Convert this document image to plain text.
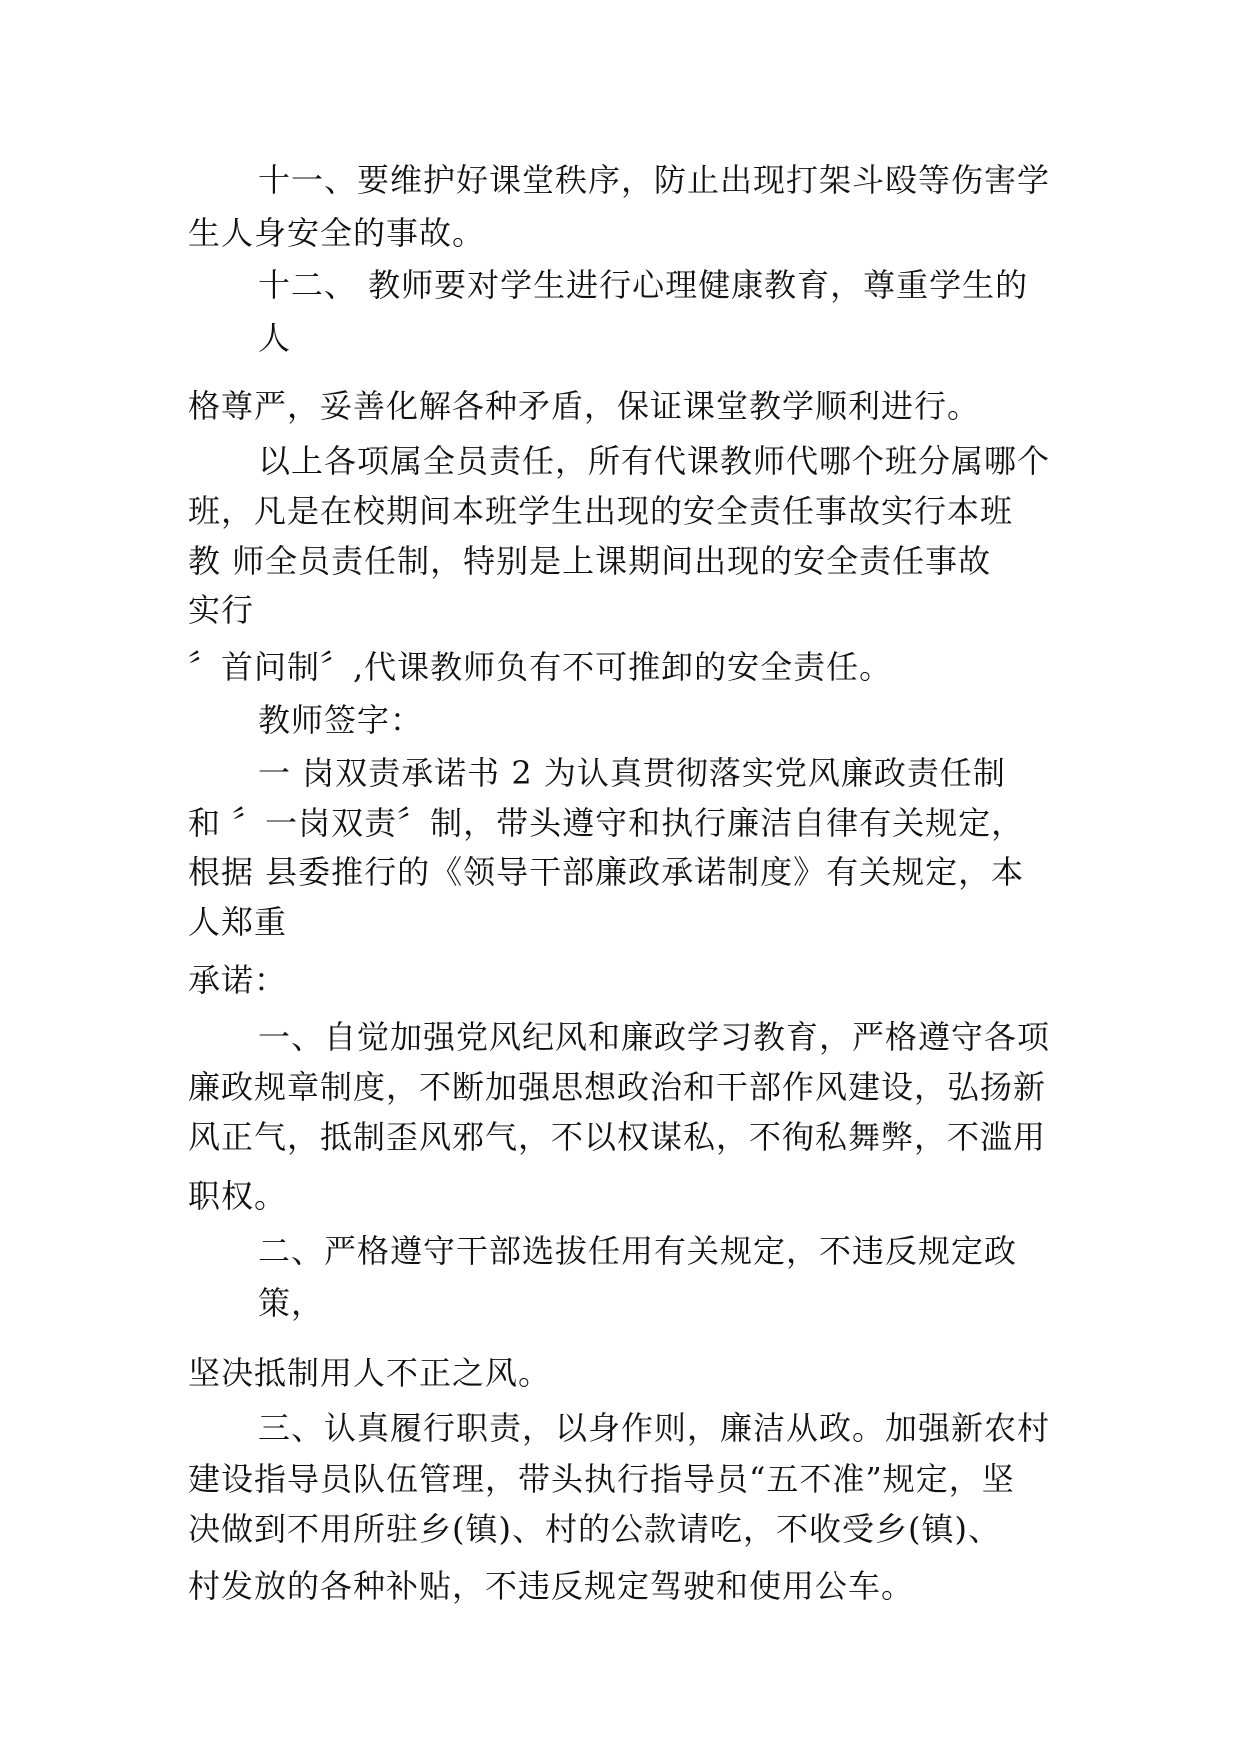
十一、要维护好课堂秩序，防止出现打架斗殴等伤害学
生人身安全的事故。
十二、 教师要对学生进行心理健康教育，尊重学生的
人
格尊严，妥善化解各种矛盾，保证课堂教学顺利进行。
以上各项属全员责任，所有代课教师代哪个班分属哪个
班，凡是在校期间本班学生出现的安全责任事故实行本班
教 师全员责任制，特别是上课期间出现的安全责任事故
实行
〞首问制〞,代课教师负有不可推卸的安全责任。
教师签字：
一 岗双责承诺书 2 为认真贯彻落实党风廉政责任制
和 〞一岗双责〞制，带头遵守和执行廉洁自律有关规定，
根据 县委推行的《领导干部廉政承诺制度》有关规定，本
人郑重
承诺：
一、自觉加强党风纪风和廉政学习教育，严格遵守各项
廉政规章制度，不断加强思想政治和干部作风建设，弘扬新
风正气，抵制歪风邪气，不以权谋私，不徇私舞弊，不滥用
职权。
二、严格遵守干部选拔任用有关规定，不违反规定政
策，
坚决抵制用人不正之风。
三、认真履行职责，以身作则，廉洁从政。加强新农村
建设指导员队伍管理，带头执行指导员“五不准”规定，坚
决做到不用所驻乡(镇)、村的公款请吃，不收受乡(镇)、
村发放的各种补贴，不违反规定驾驶和使用公车。
